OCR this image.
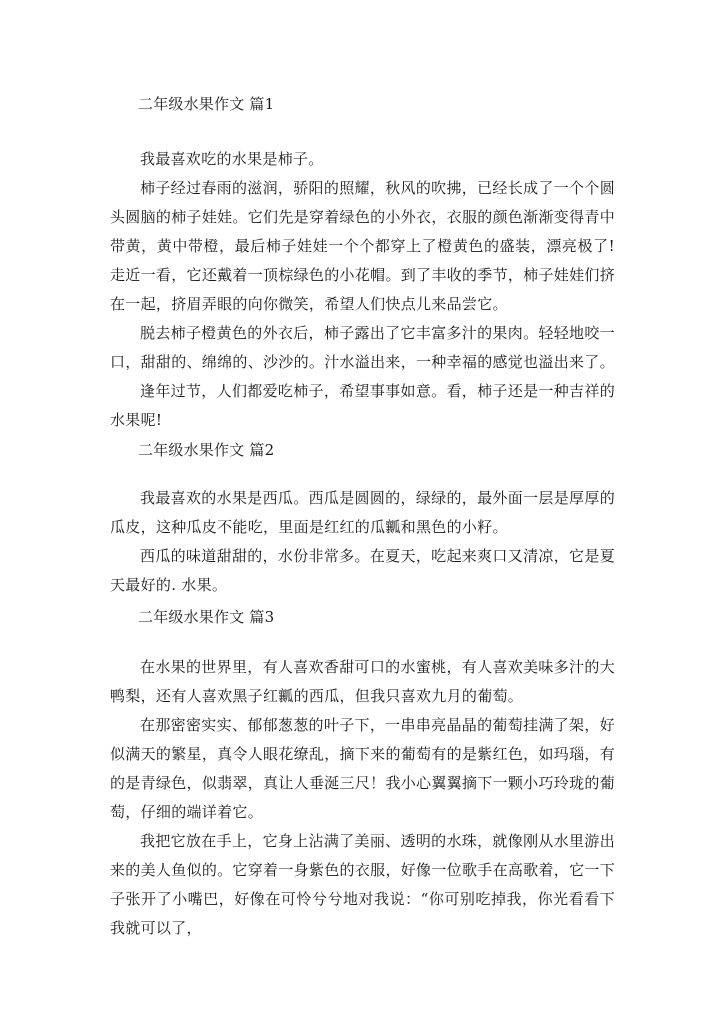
二年级水果作文 篇1

我最喜欢吃的水果是柿子。

柿子经过春雨的滋润，骄阳的照耀，秋风的吹拂，已经长成了一个个圆头圆脑的柿子娃娃。它们先是穿着绿色的小外衣，衣服的颜色渐渐变得青中带黄，黄中带橙，最后柿子娃娃一个个都穿上了橙黄色的盛装，漂亮极了!走近一看，它还戴着一顶棕绿色的小花帽。到了丰收的季节，柿子娃娃们挤在一起，挤眉弄眼的向你微笑，希望人们快点儿来品尝它。

脱去柿子橙黄色的外衣后，柿子露出了它丰富多汁的果肉。轻轻地咬一口，甜甜的、绵绵的、沙沙的。汁水溢出来，一种幸福的感觉也溢出来了。

逢年过节，人们都爱吃柿子，希望事事如意。看，柿子还是一种吉祥的水果呢!

二年级水果作文 篇2

我最喜欢的水果是西瓜。西瓜是圆圆的，绿绿的，最外面一层是厚厚的瓜皮，这种瓜皮不能吃，里面是红红的瓜瓤和黑色的小籽。

西瓜的味道甜甜的，水份非常多。在夏天，吃起来爽口又清凉，它是夏天最好的. 水果。

二年级水果作文 篇3

在水果的世界里，有人喜欢香甜可口的水蜜桃，有人喜欢美味多汁的大鸭梨，还有人喜欢黑子红瓤的西瓜，但我只喜欢九月的葡萄。

在那密密实实、郁郁葱葱的叶子下，一串串亮晶晶的葡萄挂满了架，好似满天的繁星，真令人眼花缭乱，摘下来的葡萄有的是紫红色，如玛瑙，有的是青绿色，似翡翠，真让人垂涎三尺！我小心翼翼摘下一颗小巧玲珑的葡萄，仔细的端详着它。

我把它放在手上，它身上沾满了美丽、透明的水珠，就像刚从水里游出来的美人鱼似的。它穿着一身紫色的衣服，好像一位歌手在高歌着，它一下子张开了小嘴巴，好像在可怜兮兮地对我说：“你可别吃掉我，你光看看下我就可以了，
